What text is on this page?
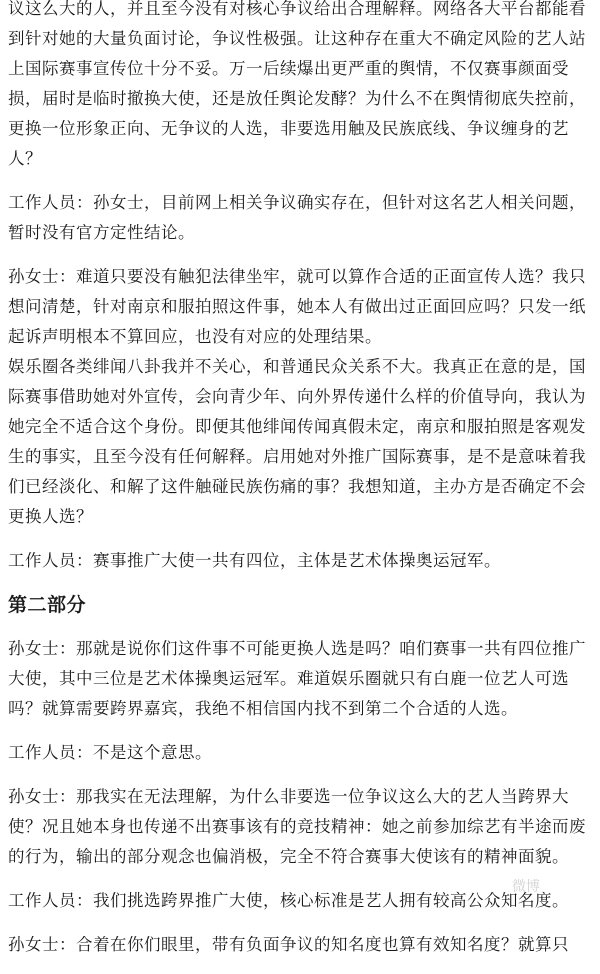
议这么大的人，并且至今没有对核心争议给出合理解释。网络各大平台都能看到针对她的大量负面讨论，争议性极强。让这种存在重大不确定风险的艺人站上国际赛事宣传位十分不妥。万一后续爆出更严重的舆情，不仅赛事颜面受损，届时是临时撤换大使，还是放任舆论发酵？为什么不在舆情彻底失控前，更换一位形象正向、无争议的人选，非要选用触及民族底线、争议缠身的艺人？

工作人员：孙女士，目前网上相关争议确实存在，但针对这名艺人相关问题，暂时没有官方定性结论。

孙女士：难道只要没有触犯法律坐牢，就可以算作合适的正面宣传人选？我只想问清楚，针对南京和服拍照这件事，她本人有做出过正面回应吗？只发一纸起诉声明根本不算回应，也没有对应的处理结果。

娱乐圈各类绯闻八卦我并不关心，和普通民众关系不大。我真正在意的是，国际赛事借助她对外宣传，会向青少年、向外界传递什么样的价值导向，我认为她完全不适合这个身份。即便其他绯闻传闻真假未定，南京和服拍照是客观发生的事实，且至今没有任何解释。启用她对外推广国际赛事，是不是意味着我们已经淡化、和解了这件触碰民族伤痛的事？我想知道，主办方是否确定不会更换人选？

工作人员：赛事推广大使一共有四位，主体是艺术体操奥运冠军。

第二部分

孙女士：那就是说你们这件事不可能更换人选是吗？咱们赛事一共有四位推广大使，其中三位是艺术体操奥运冠军。难道娱乐圈就只有白鹿一位艺人可选吗？就算需要跨界嘉宾，我绝不相信国内找不到第二个合适的人选。

工作人员：不是这个意思。

孙女士：那我实在无法理解，为什么非要选一位争议这么大的艺人当跨界大使？况且她本身也传递不出赛事该有的竞技精神：她之前参加综艺有半途而废的行为，输出的部分观念也偏消极，完全不符合赛事大使该有的精神面貌。

工作人员：我们挑选跨界推广大使，核心标准是艺人拥有较高公众知名度。

孙女士：合着在你们眼里，带有负面争议的知名度也算有效知名度？就算只

微博
